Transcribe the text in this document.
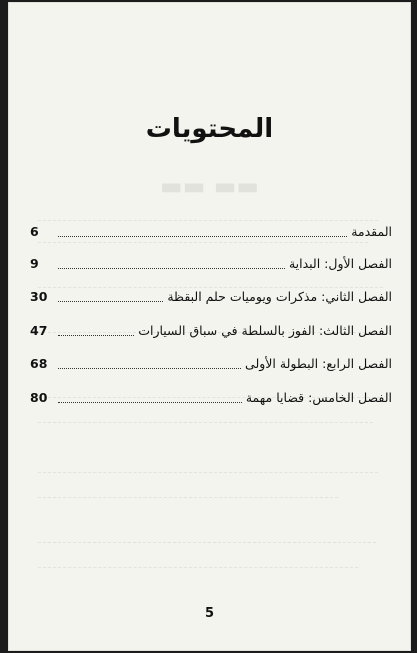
▬▬ ▬▬
المحتويات
المقدمة
6
الفصل الأول: البداية
9
الفصل الثاني: مذكرات ويوميات حلم البقظة
30
الفصل الثالث: الفوز بالسلطة في سباق السيارات
47
الفصل الرابع: البطولة الأولى
68
الفصل الخامس: قضايا مهمة
80
5
